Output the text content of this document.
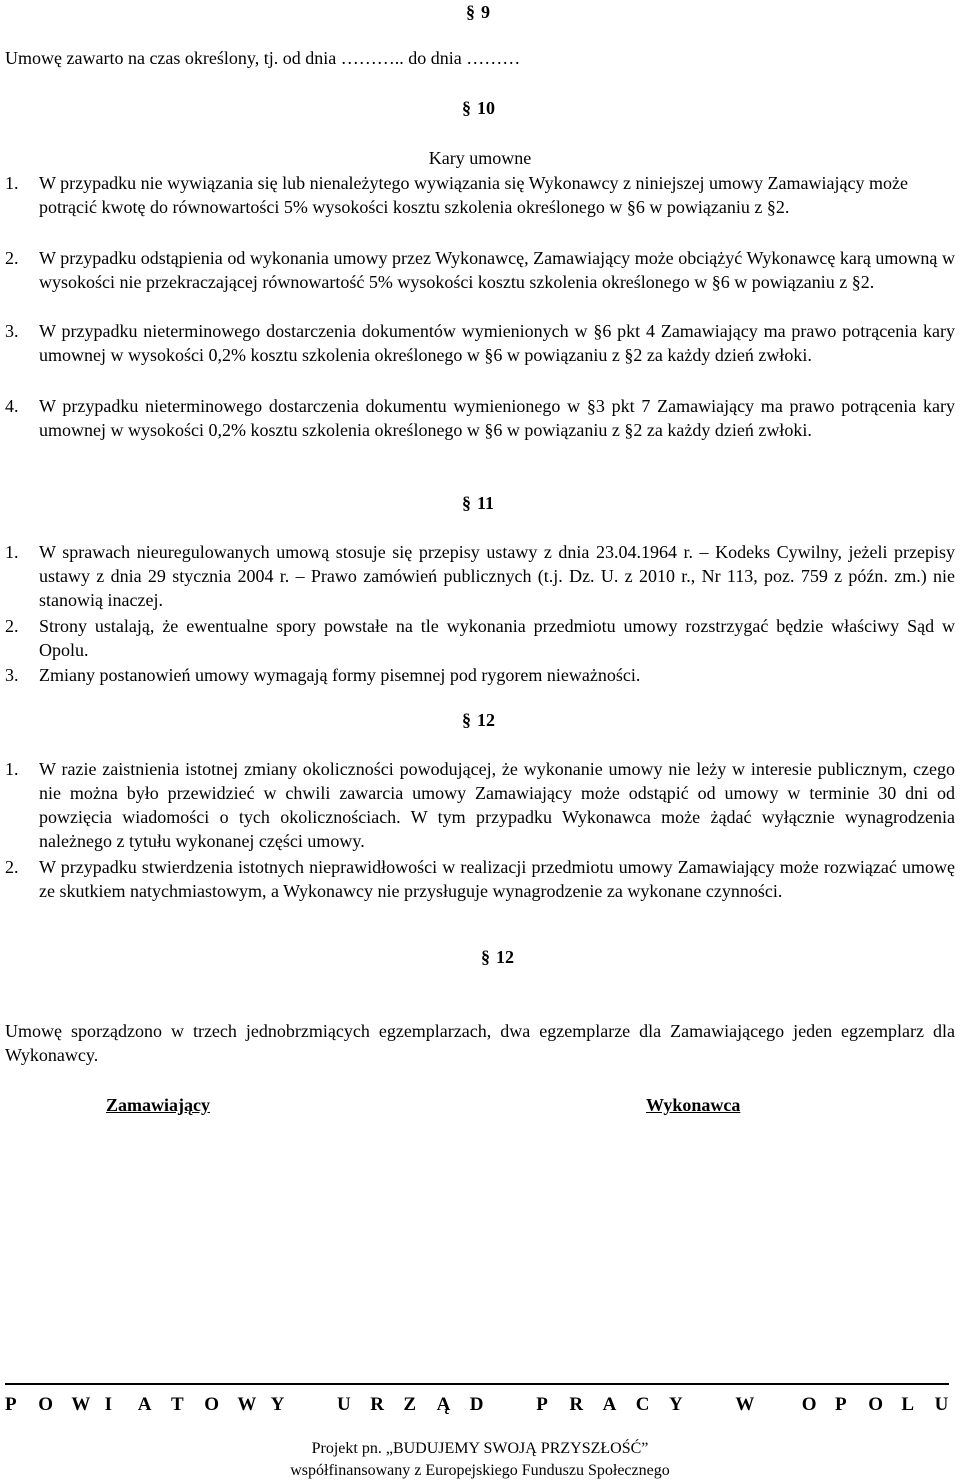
§ 9
Umowę zawarto na czas określony, tj. od dnia ……….. do dnia ………
§ 10
Kary umowne
1.	W przypadku nie wywiązania się lub nienależytego wywiązania się Wykonawcy z niniejszej umowy Zamawiający może potrącić kwotę do równowartości 5% wysokości kosztu szkolenia określonego w §6 w powiązaniu z §2.
2.	W przypadku odstąpienia od wykonania umowy przez Wykonawcę, Zamawiający może obciążyć Wykonawcę karą umowną w wysokości nie przekraczającej równowartość 5% wysokości kosztu szkolenia określonego w §6 w powiązaniu z §2.
3.	W przypadku nieterminowego dostarczenia dokumentów wymienionych w §6 pkt 4 Zamawiający ma prawo potrącenia kary umownej w wysokości 0,2% kosztu szkolenia określonego w §6 w powiązaniu z §2 za każdy dzień zwłoki.
4.	W przypadku nieterminowego dostarczenia dokumentu wymienionego w §3 pkt 7 Zamawiający ma prawo potrącenia kary umownej w wysokości 0,2% kosztu szkolenia określonego w §6 w powiązaniu z §2 za każdy dzień zwłoki.
§ 11
1.	W sprawach nieuregulowanych umową stosuje się przepisy ustawy z dnia 23.04.1964 r. – Kodeks Cywilny, jeżeli przepisy ustawy z dnia 29 stycznia 2004 r. – Prawo zamówień publicznych (t.j. Dz. U. z 2010 r., Nr 113, poz. 759 z późn. zm.) nie stanowią inaczej.
2.	Strony ustalają, że ewentualne spory powstałe na tle wykonania przedmiotu umowy rozstrzygać będzie właściwy Sąd w Opolu.
3.	Zmiany postanowień umowy wymagają formy pisemnej pod rygorem nieważności.
§ 12
1.	W razie zaistnienia istotnej zmiany okoliczności powodującej, że wykonanie umowy nie leży w interesie publicznym, czego nie można było przewidzieć w chwili zawarcia umowy Zamawiający może odstąpić od umowy w terminie 30 dni od powzięcia wiadomości o tych okolicznościach. W tym przypadku Wykonawca może żądać wyłącznie wynagrodzenia należnego z tytułu wykonanej części umowy.
2.	W przypadku stwierdzenia istotnych nieprawidłowości w realizacji przedmiotu umowy Zamawiający może rozwiązać umowę ze skutkiem natychmiastowym, a Wykonawcy nie przysługuje wynagrodzenie za wykonane czynności.
§ 12
Umowę sporządzono w trzech jednobrzmiących egzemplarzach, dwa egzemplarze dla Zamawiającego jeden egzemplarz dla Wykonawcy.
Zamawiający	Wykonawca
P O W I A T O W Y	U R Z Ą D	P R A C Y	W O P O L U
Projekt pn. „BUDUJEMY SWOJĄ PRZYSZŁOŚĆ”
współfinansowany z Europejskiego Funduszu Społecznego
